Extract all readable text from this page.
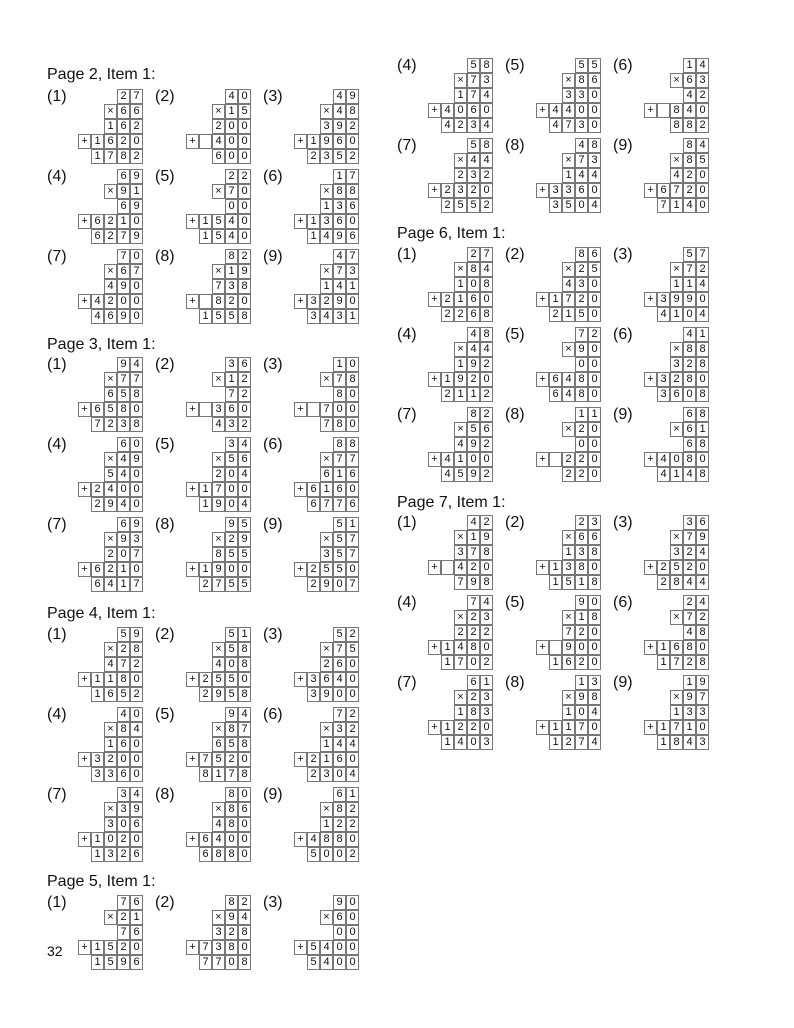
Page 2, Item 1:
(1)	2 7
× 6 6
1 6 2
+ 1 6 2 0
1 7 8 2
(2)	4 0
× 1 5
2 0 0
+	4 0 0
6 0 0
(3)	4 9
× 4 8
3 9 2
+ 1 9 6 0
2 3 5 2
(4)	6 9
× 9 1
6 9
+ 6 2 1 0
6 2 7 9
(5)	2 2
× 7 0
0 0
+ 1 5 4 0
1 5 4 0
(6)	1 7
× 8 8
1 3 6
+ 1 3 6 0
1 4 9 6
(7)	7 0
× 6 7
4 9 0
+ 4 2 0 0
4 6 9 0
(8)	8 2
× 1 9
7 3 8
+	8 2 0
1 5 5 8
(9)	4 7
× 7 3
1 4 1
+ 3 2 9 0
3 4 3 1
Page 3, Item 1:
(1)	9 4
× 7 7
6 5 8
+ 6 5 8 0
7 2 3 8
(2)	3 6
× 1 2
7 2
+	3 6 0
4 3 2
(3)	1 0
× 7 8
8 0
+	7 0 0
7 8 0
(4)	6 0
× 4 9
5 4 0
+ 2 4 0 0
2 9 4 0
(5)	3 4
× 5 6
2 0 4
+ 1 7 0 0
1 9 0 4
(6)	8 8
× 7 7
6 1 6
+ 6 1 6 0
6 7 7 6
(7)	6 9
× 9 3
2 0 7
+ 6 2 1 0
6 4 1 7
(8)	9 5
× 2 9
8 5 5
+ 1 9 0 0
2 7 5 5
(9)	5 1
× 5 7
3 5 7
+ 2 5 5 0
2 9 0 7
Page 4, Item 1:
(1)	5 9
× 2 8
4 7 2
+ 1 1 8 0
1 6 5 2
(2)	5 1
× 5 8
4 0 8
+ 2 5 5 0
2 9 5 8
(3)	5 2
× 7 5
2 6 0
+ 3 6 4 0
3 9 0 0
(4)	4 0
× 8 4
1 6 0
+ 3 2 0 0
3 3 6 0
(5)	9 4
× 8 7
6 5 8
+ 7 5 2 0
8 1 7 8
(6)	7 2
× 3 2
1 4 4
+ 2 1 6 0
2 3 0 4
(7)	3 4
× 3 9
3 0 6
+ 1 0 2 0
1 3 2 6
(8)	8 0
× 8 6
4 8 0
+ 6 4 0 0
6 8 8 0
(9)	6 1
× 8 2
1 2 2
+ 4 8 8 0
5 0 0 2
Page 5, Item 1:
(1)	7 6
× 2 1
7 6
+ 1 5 2 0
1 5 9 6
(2)	8 2
× 9 4
3 2 8
+ 7 3 8 0
7 7 0 8
(3)	9 0
× 6 0
0 0
+ 5 4 0 0
5 4 0 0
(4)	5 8
× 7 3
1 7 4
+ 4 0 6 0
4 2 3 4
(5)	5 5
× 8 6
3 3 0
+ 4 4 0 0
4 7 3 0
(6)	1 4
× 6 3
4 2
+	8 4 0
8 8 2
(7)	5 8
× 4 4
2 3 2
+ 2 3 2 0
2 5 5 2
(8)	4 8
× 7 3
1 4 4
+ 3 3 6 0
3 5 0 4
(9)	8 4
× 8 5
4 2 0
+ 6 7 2 0
7 1 4 0
Page 6, Item 1:
(1)	2 7
× 8 4
1 0 8
+ 2 1 6 0
2 2 6 8
(2)	8 6
× 2 5
4 3 0
+ 1 7 2 0
2 1 5 0
(3)	5 7
× 7 2
1 1 4
+ 3 9 9 0
4 1 0 4
(4)	4 8
× 4 4
1 9 2
+ 1 9 2 0
2 1 1 2
(5)	7 2
× 9 0
0 0
+ 6 4 8 0
6 4 8 0
(6)	4 1
× 8 8
3 2 8
+ 3 2 8 0
3 6 0 8
(7)	8 2
× 5 6
4 9 2
+ 4 1 0 0
4 5 9 2
(8)	1 1
× 2 0
0 0
+	2 2 0
2 2 0
(9)	6 8
× 6 1
6 8
+ 4 0 8 0
4 1 4 8
Page 7, Item 1:
(1)	4 2
× 1 9
3 7 8
+	4 2 0
7 9 8
(2)	2 3
× 6 6
1 3 8
+ 1 3 8 0
1 5 1 8
(3)	3 6
× 7 9
3 2 4
+ 2 5 2 0
2 8 4 4
(4)	7 4
× 2 3
2 2 2
+ 1 4 8 0
1 7 0 2
(5)	9 0
× 1 8
7 2 0
+	9 0 0
1 6 2 0
(6)	2 4
× 7 2
4 8
+ 1 6 8 0
1 7 2 8
(7)	6 1
× 2 3
1 8 3
+ 1 2 2 0
1 4 0 3
(8)	1 3
× 9 8
1 0 4
+ 1 1 7 0
1 2 7 4
(9)	1 9
× 9 7
1 3 3
+ 1 7 1 0
1 8 4 3
32
